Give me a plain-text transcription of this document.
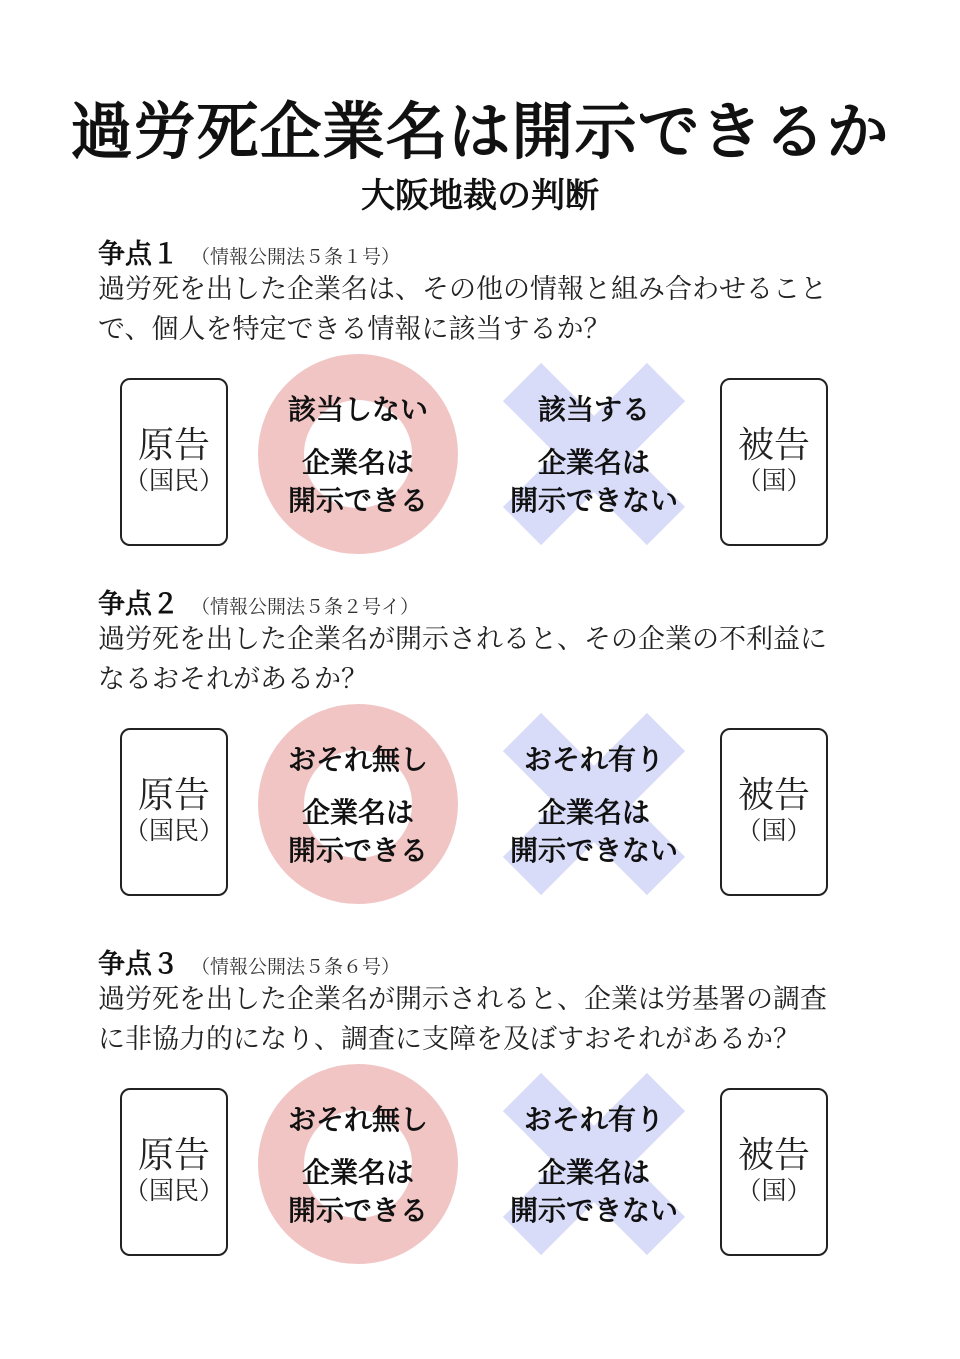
過労死企業名は開示できるか
大阪地裁の判断
争点１ （情報公開法５条１号）
過労死を出した企業名は、その他の情報と組み合わせること
で、個人を特定できる情報に該当するか？
原告
（国民）
該当しない
企業名は
開示できる
該当する
企業名は
開示できない
被告
（国）
争点２ （情報公開法５条２号イ）
過労死を出した企業名が開示されると、その企業の不利益に
なるおそれがあるか？
原告
（国民）
おそれ無し
企業名は
開示できる
おそれ有り
企業名は
開示できない
被告
（国）
争点３ （情報公開法５条６号）
過労死を出した企業名が開示されると、企業は労基署の調査
に非協力的になり、調査に支障を及ぼすおそれがあるか？
原告
（国民）
おそれ無し
企業名は
開示できる
おそれ有り
企業名は
開示できない
被告
（国）
